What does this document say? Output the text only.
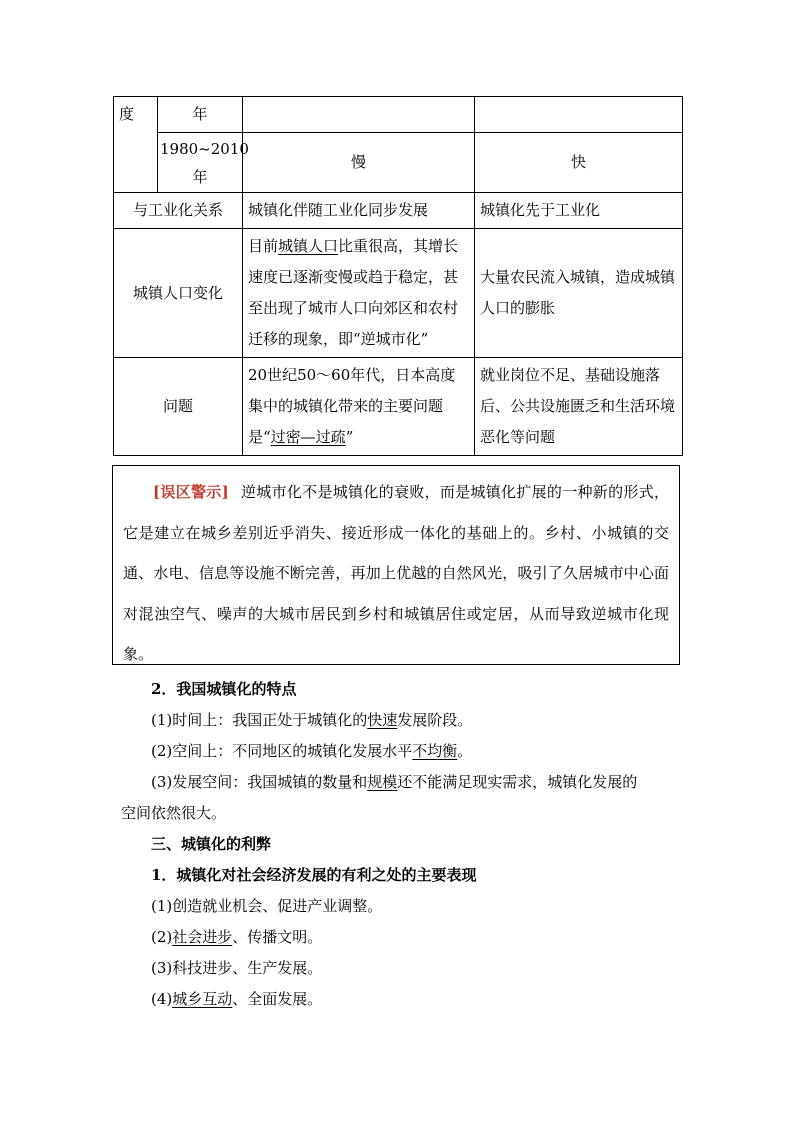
度	年		
	1980~2010年	慢	快
与工业化关系		城镇化伴随工业化同步发展	城镇化先于工业化
城镇人口变化		目前城镇人口比重很高，其增长速度已逐渐变慢或趋于稳定，甚至出现了城市人口向郊区和农村迁移的现象，即“逆城市化”	大量农民流入城镇，造成城镇人口的膨胀
问题		20世纪50～60年代，日本高度集中的城镇化带来的主要问题是“过密—过疏”	就业岗位不足、基础设施落后、公共设施匮乏和生活环境恶化等问题
[误区警示] 逆城市化不是城镇化的衰败，而是城镇化扩展的一种新的形式，它是建立在城乡差别近乎消失、接近形成一体化的基础上的。乡村、小城镇的交通、水电、信息等设施不断完善，再加上优越的自然风光，吸引了久居城市中心面对混浊空气、噪声的大城市居民到乡村和城镇居住或定居，从而导致逆城市化现象。

2．我国城镇化的特点

(1)时间上：我国正处于城镇化的快速发展阶段。

(2)空间上：不同地区的城镇化发展水平不均衡。

(3)发展空间：我国城镇的数量和规模还不能满足现实需求，城镇化发展的

空间依然很大。

三、城镇化的利弊

1．城镇化对社会经济发展的有利之处的主要表现

(1)创造就业机会、促进产业调整。

(2)社会进步、传播文明。

(3)科技进步、生产发展。

(4)城乡互动、全面发展。
